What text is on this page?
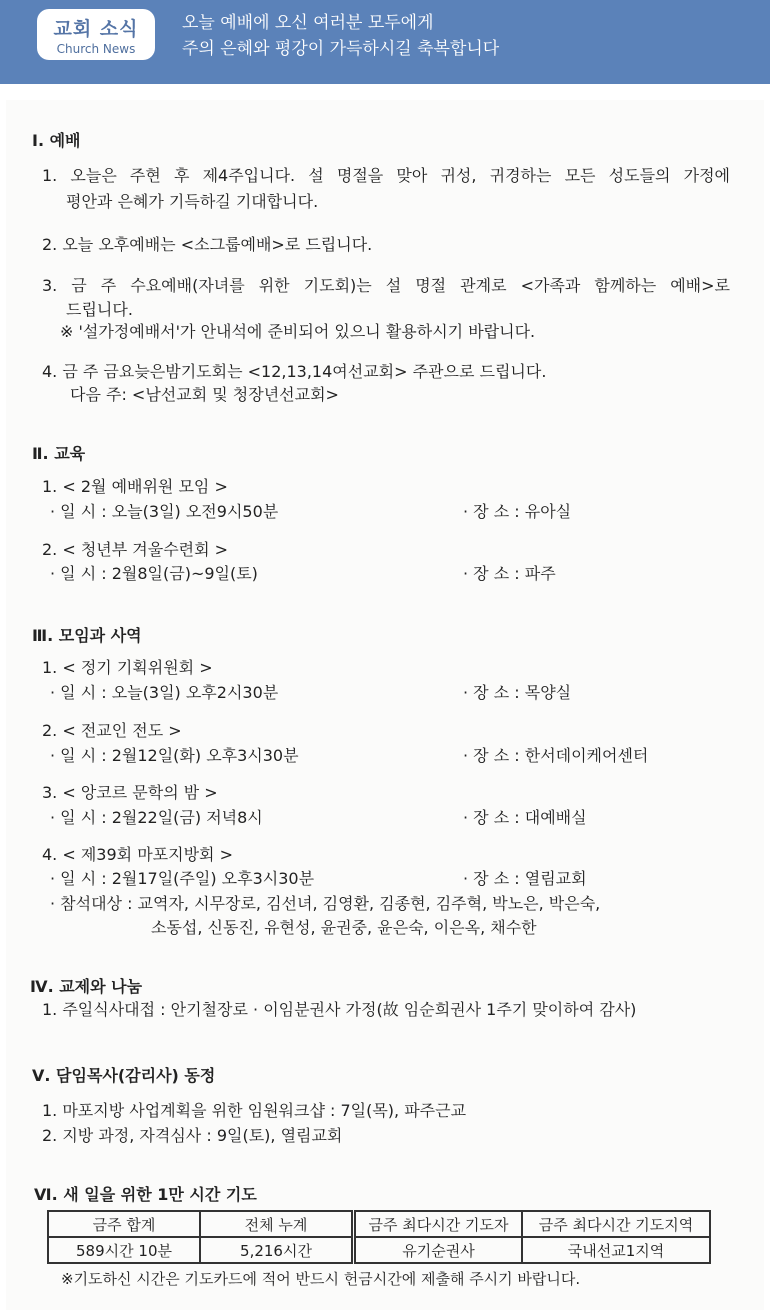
교회 소식
Church News
오늘 예배에 오신 여러분 모두에게
주의 은혜와 평강이 가득하시길 축복합니다
Ⅰ. 예배
1. 오늘은 주현 후 제4주입니다. 설 명절을 맞아 귀성, 귀경하는 모든 성도들의 가정에
평안과 은혜가 기득하길 기대합니다.
2. 오늘 오후예배는 <소그룹예배>로 드립니다.
3. 금 주 수요예배(자녀를 위한 기도회)는 설 명절 관계로 <가족과 함께하는 예배>로
드립니다.
※ '설가정예배서'가 안내석에 준비되어 있으니 활용하시기 바랍니다.
4. 금 주 금요늦은밤기도회는 <12,13,14여선교회> 주관으로 드립니다.
다음 주: <남선교회 및 청장년선교회>
Ⅱ. 교육
1. < 2월 예배위원 모임 >
· 일 시 : 오늘(3일) 오전9시50분	· 장 소 : 유아실
2. < 청년부 겨울수련회 >
· 일 시 : 2월8일(금)~9일(토)	· 장 소 : 파주
Ⅲ. 모임과 사역
1. < 정기 기획위원회 >
· 일 시 : 오늘(3일) 오후2시30분	· 장 소 : 목양실
2. < 전교인 전도 >
· 일 시 : 2월12일(화) 오후3시30분	· 장 소 : 한서데이케어센터
3. < 앙코르 문학의 밤 >
· 일 시 : 2월22일(금) 저녁8시	· 장 소 : 대예배실
4. < 제39회 마포지방회 >
· 일 시 : 2월17일(주일) 오후3시30분	· 장 소 : 열림교회
· 참석대상 : 교역자, 시무장로, 김선녀, 김영환, 김종현, 김주혁, 박노은, 박은숙,
소동섭, 신동진, 유현성, 윤권중, 윤은숙, 이은옥, 채수한
Ⅳ. 교제와 나눔
1. 주일식사대접 : 안기철장로 · 이임분권사 가정(故 임순희권사 1주기 맞이하여 감사)
Ⅴ. 담임목사(감리사) 동정
1. 마포지방 사업계획을 위한 임원워크샵 : 7일(목), 파주근교
2. 지방 과정, 자격심사 : 9일(토), 열림교회
Ⅵ. 새 일을 위한 1만 시간 기도
금주 합계	전체 누계	금주 최다시간 기도자	금주 최다시간 기도지역
589시간 10분	5,216시간	유기순권사	국내선교1지역
※기도하신 시간은 기도카드에 적어 반드시 헌금시간에 제출해 주시기 바랍니다.
